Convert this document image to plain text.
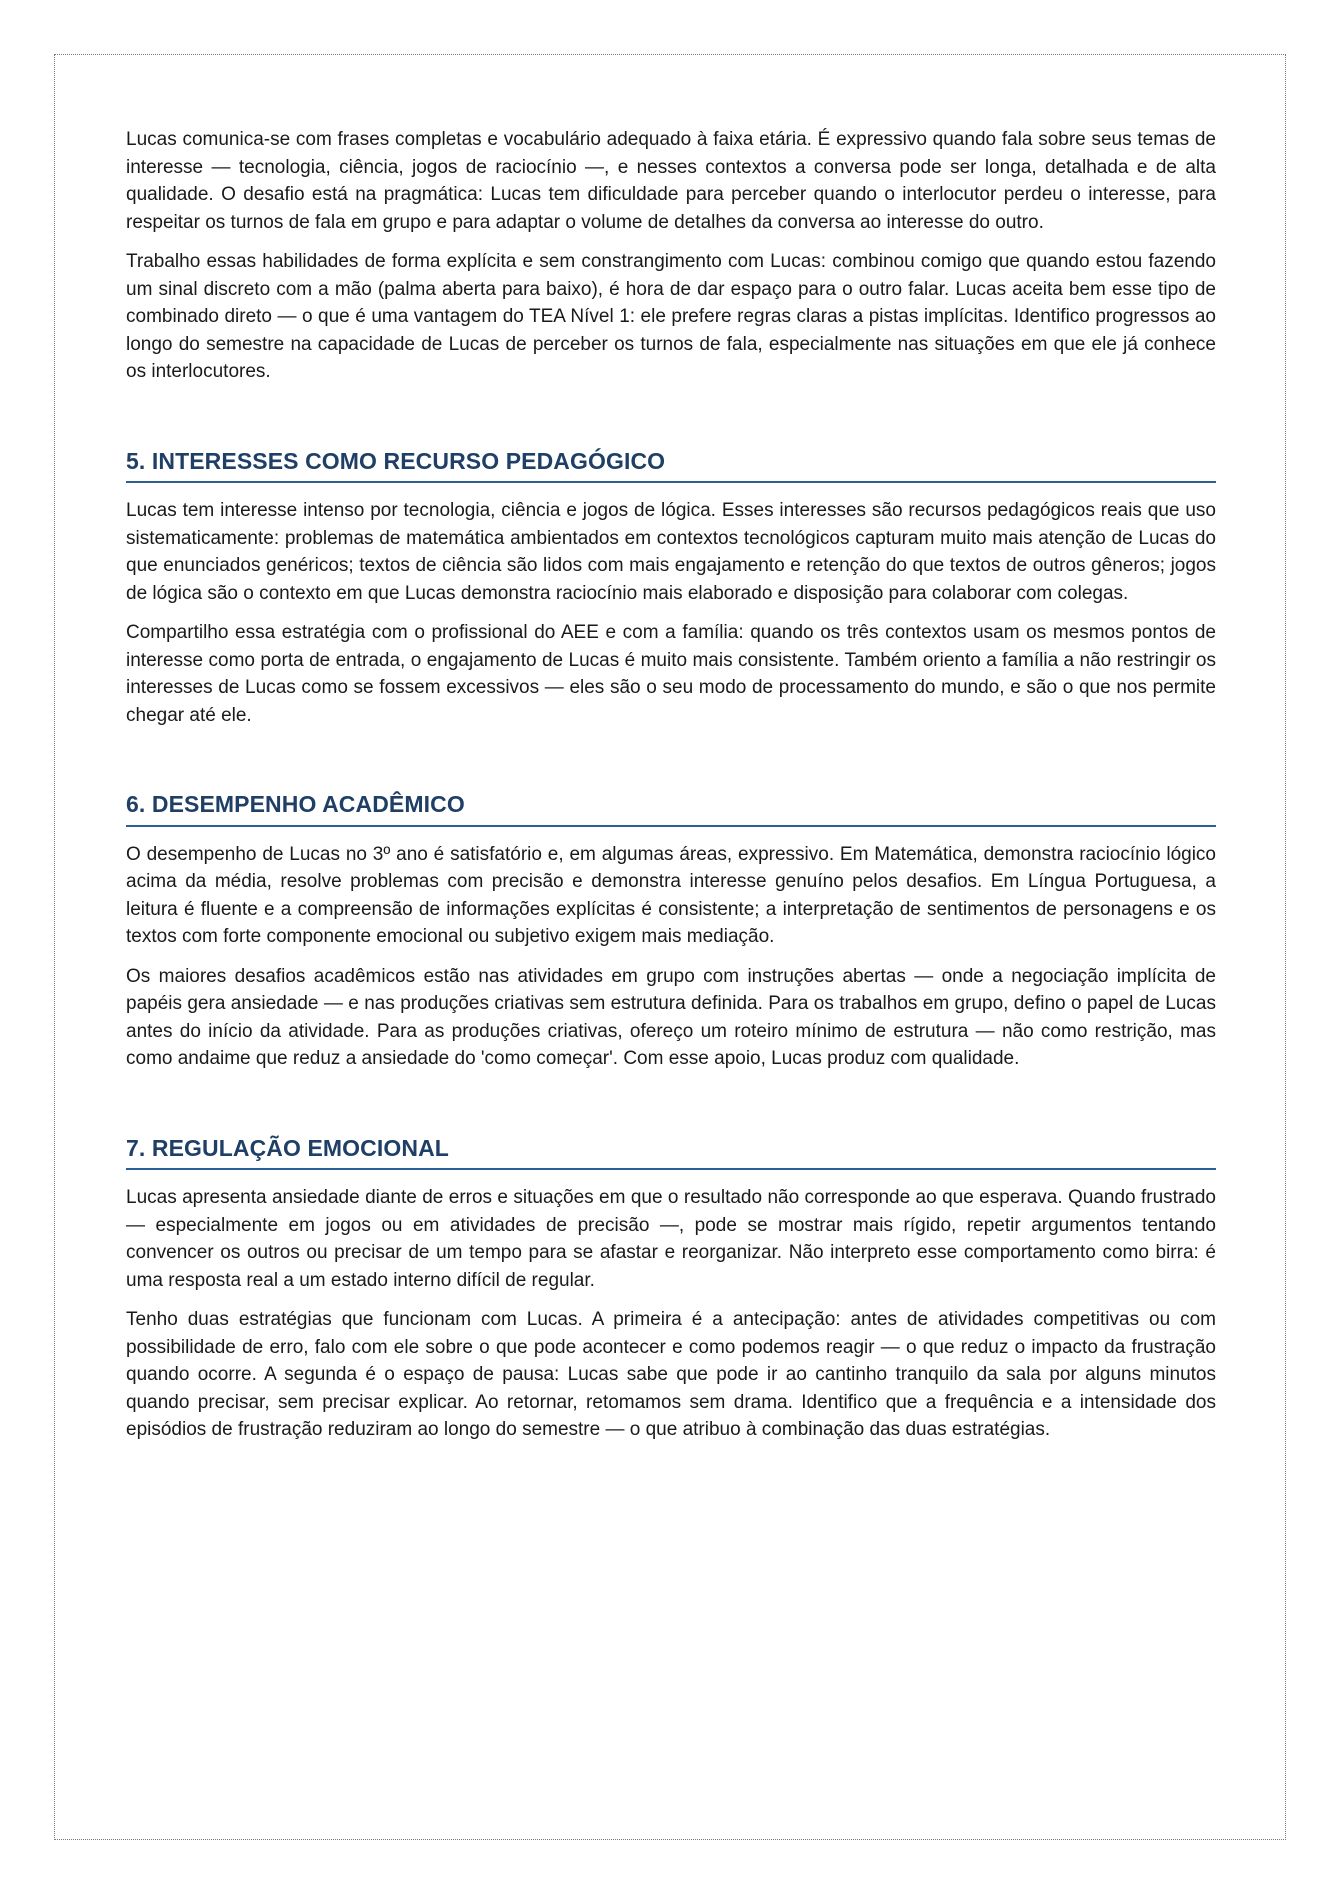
Lucas comunica-se com frases completas e vocabulário adequado à faixa etária. É expressivo quando fala sobre seus temas de interesse — tecnologia, ciência, jogos de raciocínio —, e nesses contextos a conversa pode ser longa, detalhada e de alta qualidade. O desafio está na pragmática: Lucas tem dificuldade para perceber quando o interlocutor perdeu o interesse, para respeitar os turnos de fala em grupo e para adaptar o volume de detalhes da conversa ao interesse do outro.

Trabalho essas habilidades de forma explícita e sem constrangimento com Lucas: combinou comigo que quando estou fazendo um sinal discreto com a mão (palma aberta para baixo), é hora de dar espaço para o outro falar. Lucas aceita bem esse tipo de combinado direto — o que é uma vantagem do TEA Nível 1: ele prefere regras claras a pistas implícitas. Identifico progressos ao longo do semestre na capacidade de Lucas de perceber os turnos de fala, especialmente nas situações em que ele já conhece os interlocutores.

5. INTERESSES COMO RECURSO PEDAGÓGICO

Lucas tem interesse intenso por tecnologia, ciência e jogos de lógica. Esses interesses são recursos pedagógicos reais que uso sistematicamente: problemas de matemática ambientados em contextos tecnológicos capturam muito mais atenção de Lucas do que enunciados genéricos; textos de ciência são lidos com mais engajamento e retenção do que textos de outros gêneros; jogos de lógica são o contexto em que Lucas demonstra raciocínio mais elaborado e disposição para colaborar com colegas.

Compartilho essa estratégia com o profissional do AEE e com a família: quando os três contextos usam os mesmos pontos de interesse como porta de entrada, o engajamento de Lucas é muito mais consistente. Também oriento a família a não restringir os interesses de Lucas como se fossem excessivos — eles são o seu modo de processamento do mundo, e são o que nos permite chegar até ele.

6. DESEMPENHO ACADÊMICO

O desempenho de Lucas no 3º ano é satisfatório e, em algumas áreas, expressivo. Em Matemática, demonstra raciocínio lógico acima da média, resolve problemas com precisão e demonstra interesse genuíno pelos desafios. Em Língua Portuguesa, a leitura é fluente e a compreensão de informações explícitas é consistente; a interpretação de sentimentos de personagens e os textos com forte componente emocional ou subjetivo exigem mais mediação.

Os maiores desafios acadêmicos estão nas atividades em grupo com instruções abertas — onde a negociação implícita de papéis gera ansiedade — e nas produções criativas sem estrutura definida. Para os trabalhos em grupo, defino o papel de Lucas antes do início da atividade. Para as produções criativas, ofereço um roteiro mínimo de estrutura — não como restrição, mas como andaime que reduz a ansiedade do 'como começar'. Com esse apoio, Lucas produz com qualidade.

7. REGULAÇÃO EMOCIONAL

Lucas apresenta ansiedade diante de erros e situações em que o resultado não corresponde ao que esperava. Quando frustrado — especialmente em jogos ou em atividades de precisão —, pode se mostrar mais rígido, repetir argumentos tentando convencer os outros ou precisar de um tempo para se afastar e reorganizar. Não interpreto esse comportamento como birra: é uma resposta real a um estado interno difícil de regular.

Tenho duas estratégias que funcionam com Lucas. A primeira é a antecipação: antes de atividades competitivas ou com possibilidade de erro, falo com ele sobre o que pode acontecer e como podemos reagir — o que reduz o impacto da frustração quando ocorre. A segunda é o espaço de pausa: Lucas sabe que pode ir ao cantinho tranquilo da sala por alguns minutos quando precisar, sem precisar explicar. Ao retornar, retomamos sem drama. Identifico que a frequência e a intensidade dos episódios de frustração reduziram ao longo do semestre — o que atribuo à combinação das duas estratégias.
